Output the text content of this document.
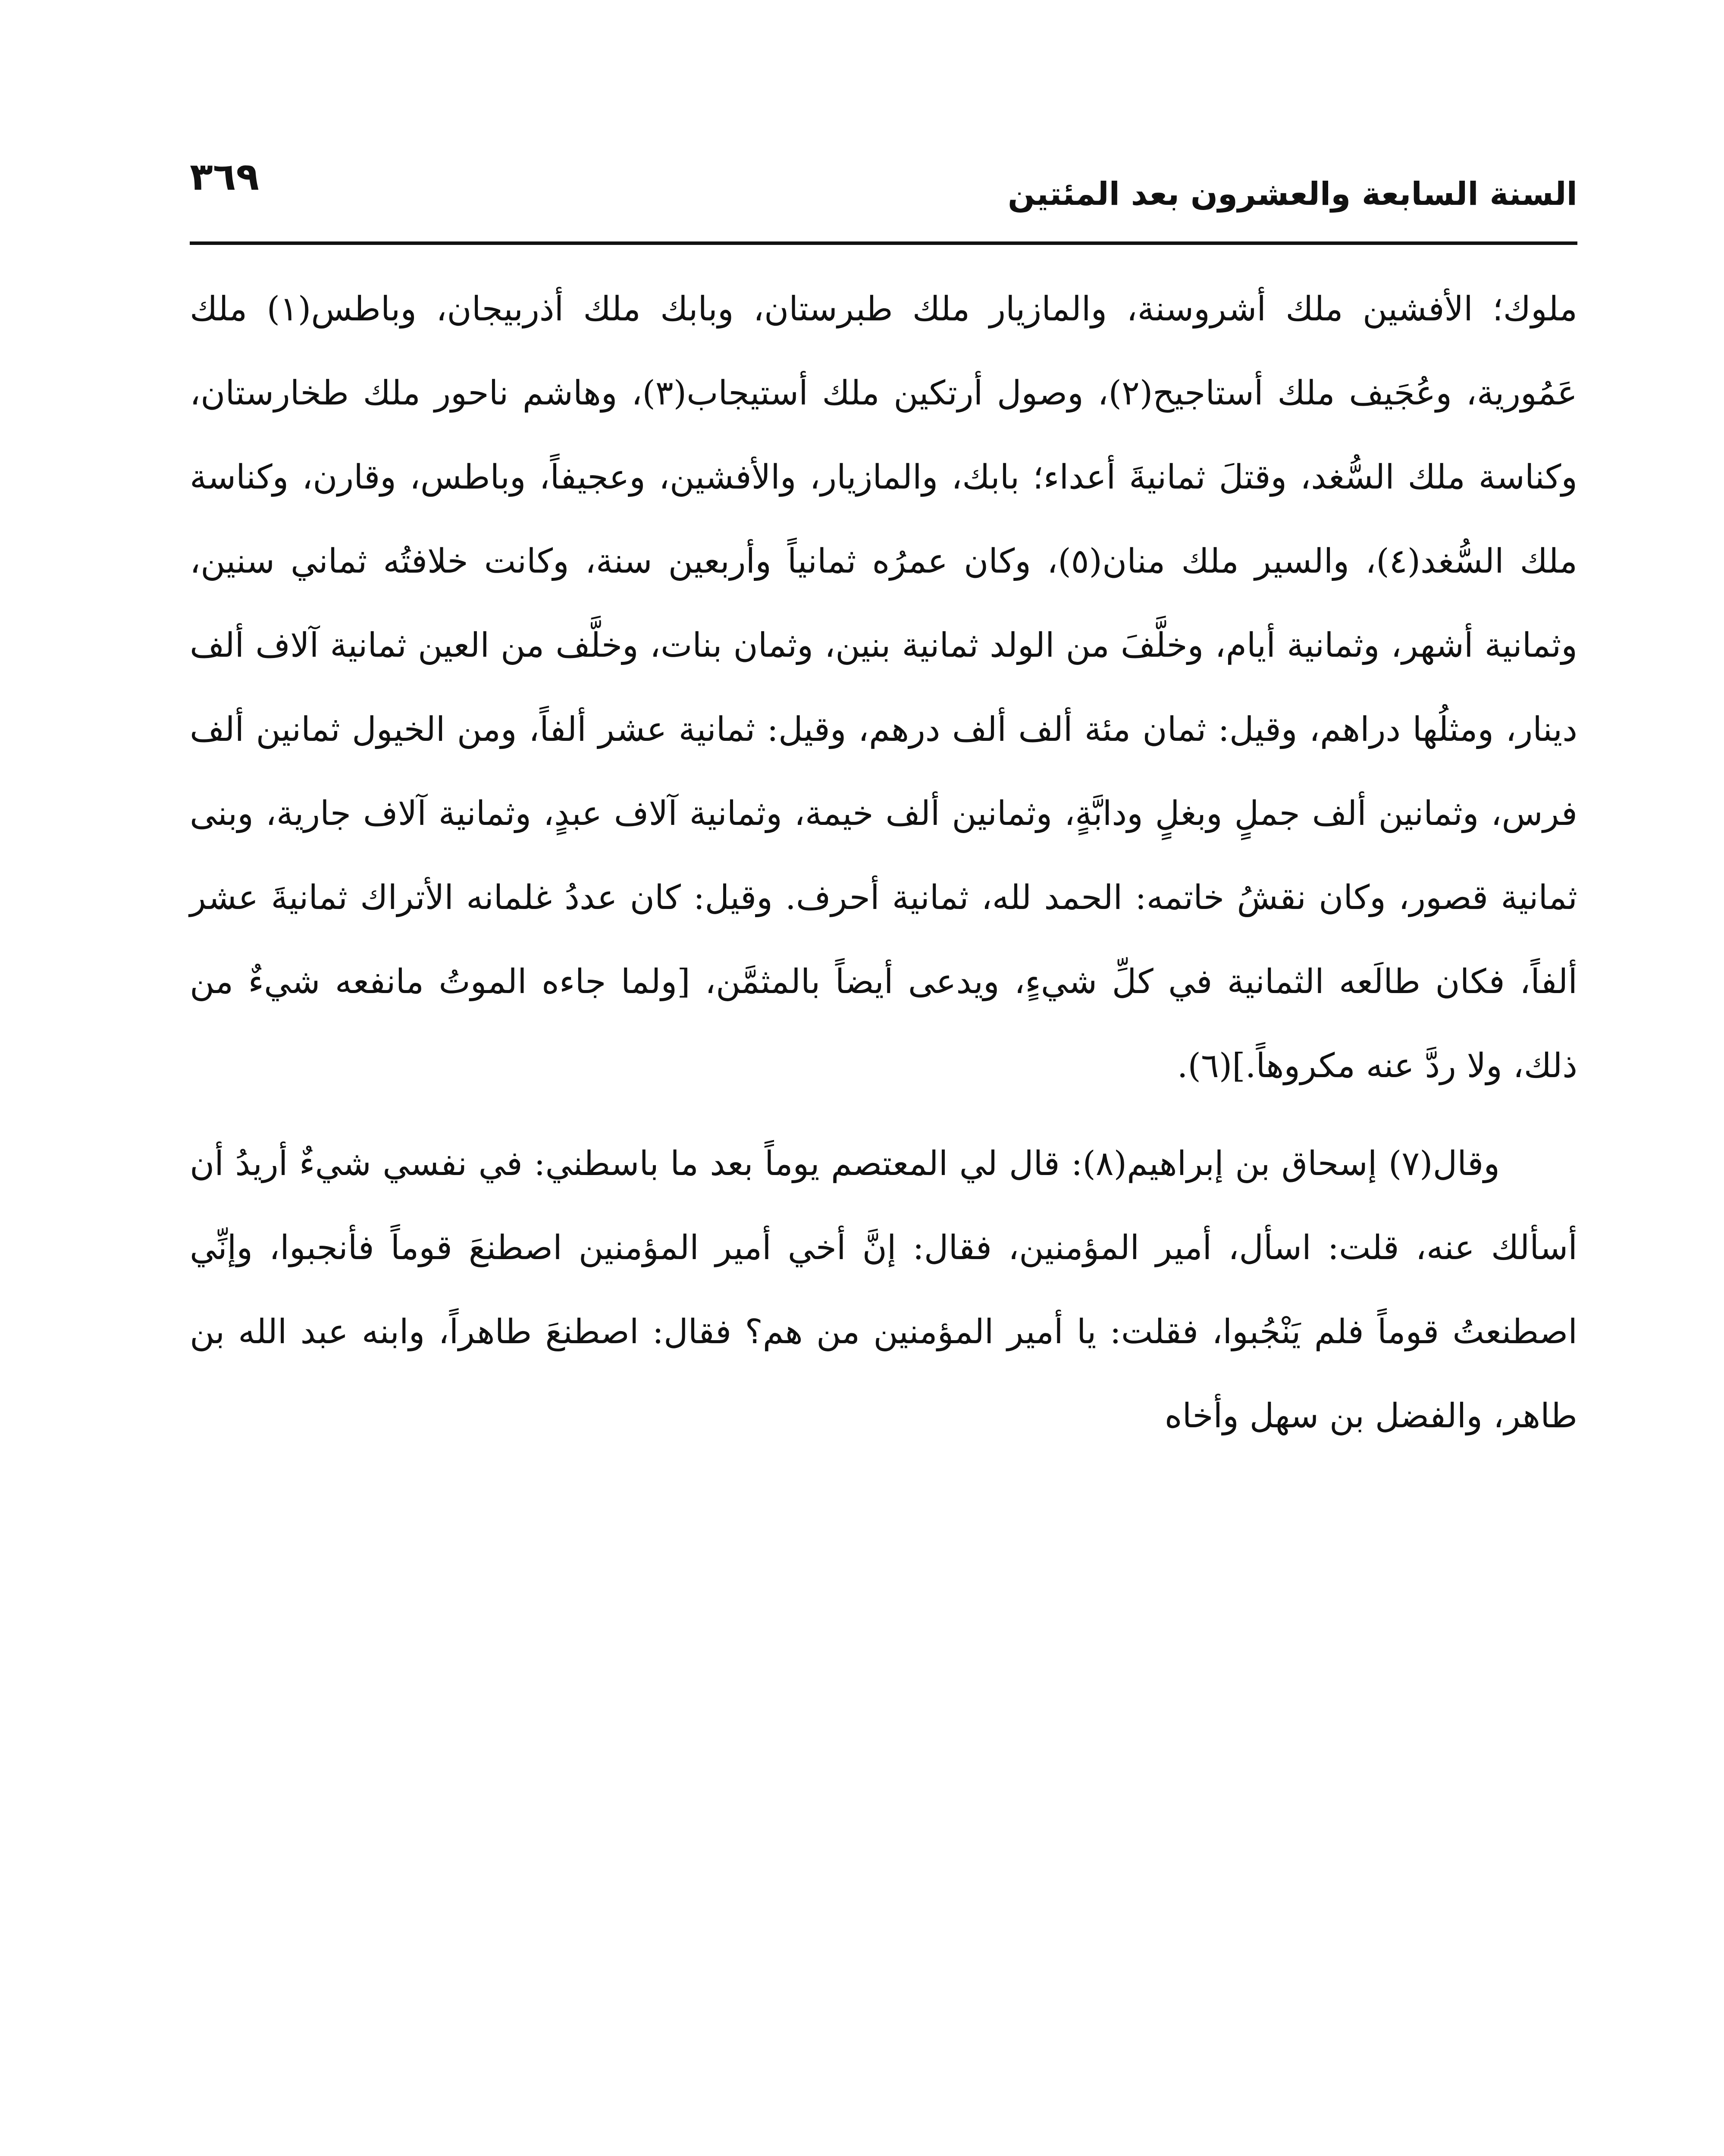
السنة السابعة والعشرون بعد المئتين
٣٦٩

ملوك؛ الأفشين ملك أشروسنة، والمازيار ملك طبرستان، وبابك ملك أذربيجان، وباطس(١) ملك عَمُورية، وعُجَيف ملك أستاجيح(٢)، وصول أرتكين ملك أستيجاب(٣)، وهاشم ناحور ملك طخارستان، وكناسة ملك السُّغد، وقتلَ ثمانيةَ أعداء؛ بابك، والمازيار، والأفشين، وعجيفاً، وباطس، وقارن، وكناسة ملك السُّغد(٤)، والسير ملك منان(٥)، وكان عمرُه ثمانياً وأربعين سنة، وكانت خلافتُه ثماني سنين، وثمانية أشهر، وثمانية أيام، وخلَّفَ من الولد ثمانية بنين، وثمان بنات، وخلَّف من العين ثمانية آلاف ألف دينار، ومثلُها دراهم، وقيل: ثمان مئة ألف ألف درهم، وقيل: ثمانية عشر ألفاً، ومن الخيول ثمانين ألف فرس، وثمانين ألف جملٍ وبغلٍ ودابَّةٍ، وثمانين ألف خيمة، وثمانية آلاف عبدٍ، وثمانية آلاف جارية، وبنى ثمانية قصور، وكان نقشُ خاتمه: الحمد لله، ثمانية أحرف. وقيل: كان عددُ غلمانه الأتراك ثمانيةَ عشر ألفاً، فكان طالَعه الثمانية في كلِّ شيءٍ، ويدعى أيضاً بالمثمَّن، [ولما جاءه الموتُ مانفعه شيءٌ من ذلك، ولا ردَّ عنه مكروهاً.](٦).

وقال(٧) إسحاق بن إبراهيم(٨): قال لي المعتصم يوماً بعد ما باسطني: في نفسي شيءٌ أريدُ أن أسألك عنه، قلت: اسأل، أمير المؤمنين، فقال: إنَّ أخي أمير المؤمنين اصطنعَ قوماً فأنجبوا، وإنِّي اصطنعتُ قوماً فلم يَنْجُبوا، فقلت: يا أمير المؤمنين من هم؟ فقال: اصطنعَ طاهراً، وابنه عبد الله بن طاهر، والفضل بن سهل وأخاه
